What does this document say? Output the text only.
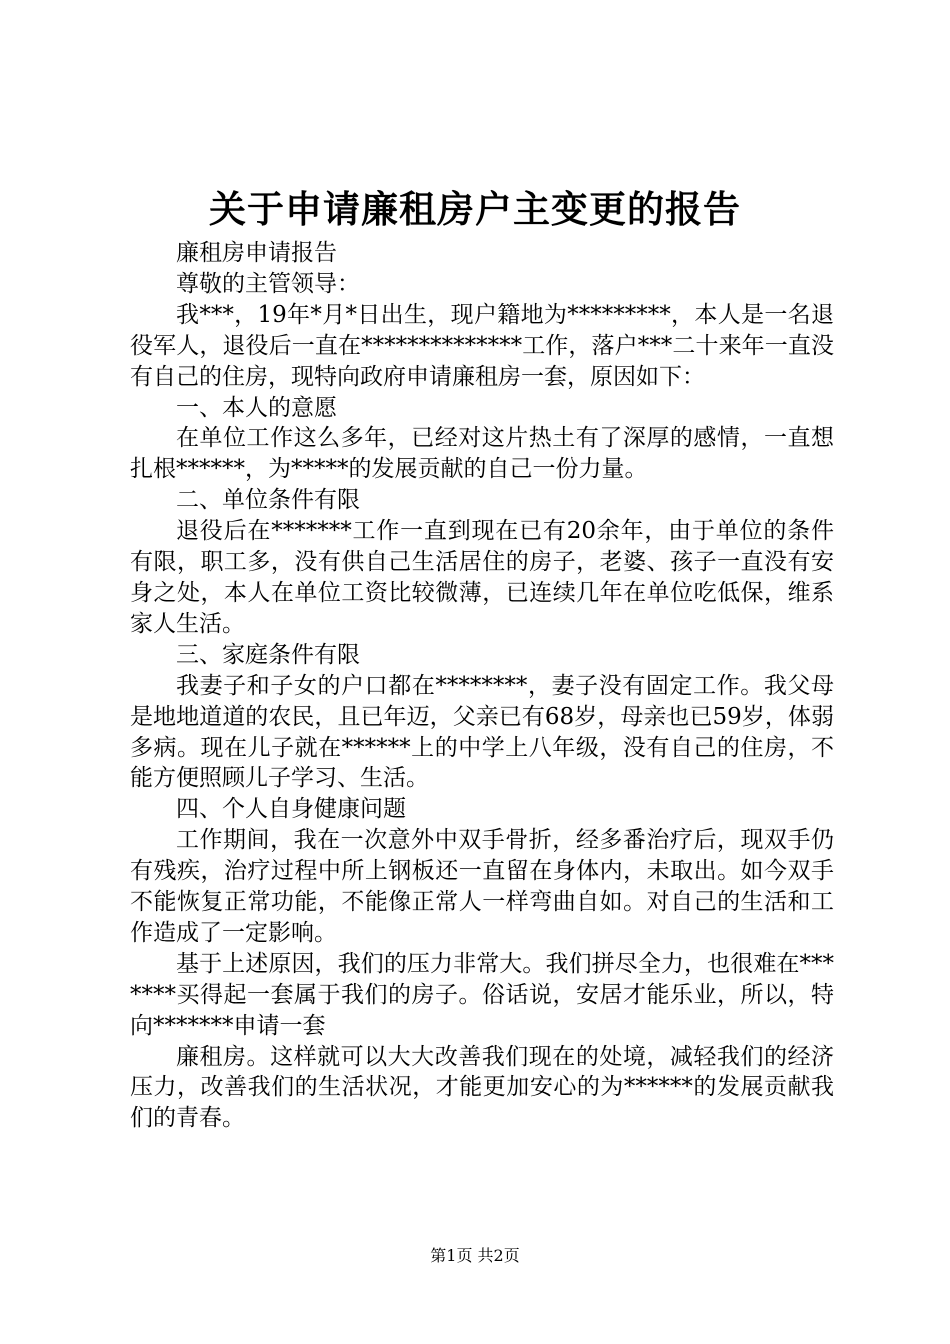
关于申请廉租房户主变更的报告

廉租房申请报告

尊敬的主管领导：

我***，19年*月*日出生，现户籍地为*********，本人是一名退役军人，退役后一直在**************工作，落户***二十来年一直没有自己的住房，现特向政府申请廉租房一套，原因如下：

一、本人的意愿

在单位工作这么多年，已经对这片热土有了深厚的感情，一直想扎根******，为*****的发展贡献的自己一份力量。

二、单位条件有限

退役后在*******工作一直到现在已有20余年，由于单位的条件有限，职工多，没有供自己生活居住的房子，老婆、孩子一直没有安身之处，本人在单位工资比较微薄，已连续几年在单位吃低保，维系家人生活。

三、家庭条件有限

我妻子和子女的户口都在********，妻子没有固定工作。我父母是地地道道的农民，且已年迈，父亲已有68岁，母亲也已59岁，体弱多病。现在儿子就在******上的中学上八年级，没有自己的住房，不能方便照顾儿子学习、生活。

四、个人自身健康问题

工作期间，我在一次意外中双手骨折，经多番治疗后，现双手仍有残疾，治疗过程中所上钢板还一直留在身体内，未取出。如今双手不能恢复正常功能，不能像正常人一样弯曲自如。对自己的生活和工作造成了一定影响。

基于上述原因，我们的压力非常大。我们拼尽全力，也很难在*******买得起一套属于我们的房子。俗话说，安居才能乐业，所以，特向*******申请一套

廉租房。这样就可以大大改善我们现在的处境，减轻我们的经济压力，改善我们的生活状况，才能更加安心的为******的发展贡献我们的青春。

第1页 共2页
